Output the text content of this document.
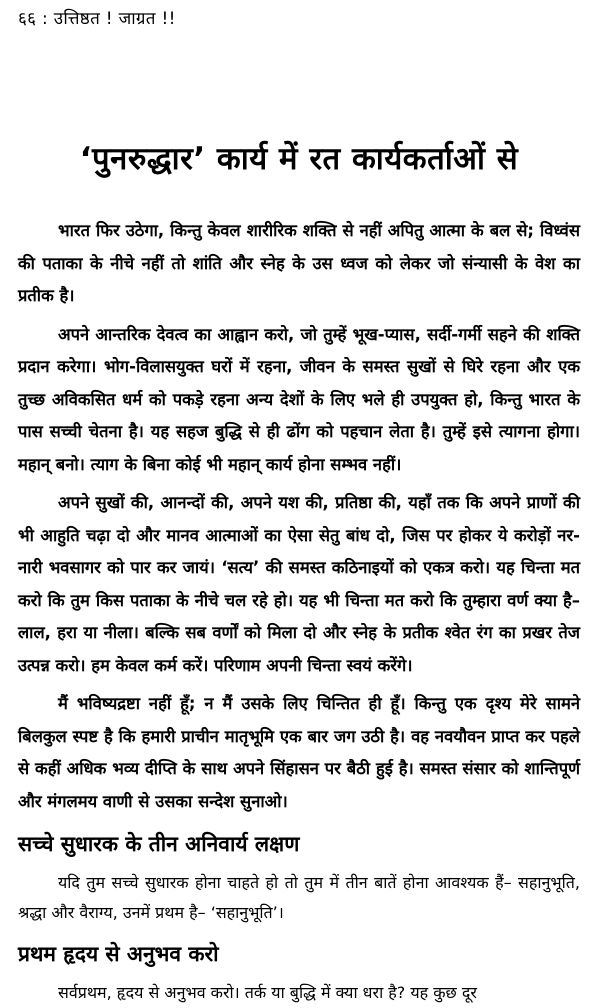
६६ : उत्तिष्ठत ! जाग्रत !!
‘पुनरुद्धार’ कार्य में रत कार्यकर्ताओं से

भारत फिर उठेगा, किन्तु केवल शारीरिक शक्ति से नहीं अपितु आत्मा के बल से; विध्वंस की पताका के नीचे नहीं तो शांति और स्नेह के उस ध्वज को लेकर जो संन्यासी के वेश का प्रतीक है।

अपने आन्तरिक देवत्व का आह्वान करो, जो तुम्हें भूख-प्यास, सर्दी-गर्मी सहने की शक्ति प्रदान करेगा। भोग-विलासयुक्त घरों में रहना, जीवन के समस्त सुखों से घिरे रहना और एक तुच्छ अविकसित धर्म को पकड़े रहना अन्य देशों के लिए भले ही उपयुक्त हो, किन्तु भारत के पास सच्ची चेतना है। यह सहज बुद्धि से ही ढोंग को पहचान लेता है। तुम्हें इसे त्यागना होगा। महान् बनो। त्याग के बिना कोई भी महान् कार्य होना सम्भव नहीं।

अपने सुखों की, आनन्दों की, अपने यश की, प्रतिष्ठा की, यहाँ तक कि अपने प्राणों की भी आहुति चढ़ा दो और मानव आत्माओं का ऐसा सेतु बांध दो, जिस पर होकर ये करोड़ों नर-नारी भवसागर को पार कर जायं। ‘सत्य’ की समस्त कठिनाइयों को एकत्र करो। यह चिन्ता मत करो कि तुम किस पताका के नीचे चल रहे हो। यह भी चिन्ता मत करो कि तुम्हारा वर्ण क्या है– लाल, हरा या नीला। बल्कि सब वर्णों को मिला दो और स्नेह के प्रतीक श्वेत रंग का प्रखर तेज उत्पन्न करो। हम केवल कर्म करें। परिणाम अपनी चिन्ता स्वयं करेंगे।

मैं भविष्यद्रष्टा नहीं हूँ; न मैं उसके लिए चिन्तित ही हूँ। किन्तु एक दृश्य मेरे सामने बिलकुल स्पष्ट है कि हमारी प्राचीन मातृभूमि एक बार जग उठी है। वह नवयौवन प्राप्त कर पहले से कहीं अधिक भव्य दीप्ति के साथ अपने सिंहासन पर बैठी हुई है। समस्त संसार को शान्तिपूर्ण और मंगलमय वाणी से उसका सन्देश सुनाओ।

सच्चे सुधारक के तीन अनिवार्य लक्षण

यदि तुम सच्चे सुधारक होना चाहते हो तो तुम में तीन बातें होना आवश्यक हैं– सहानुभूति, श्रद्धा और वैराग्य, उनमें प्रथम है– ‘सहानुभूति’।

प्रथम हृदय से अनुभव करो

सर्वप्रथम, हृदय से अनुभव करो। तर्क या बुद्धि में क्या धरा है? यह कुछ दूर
